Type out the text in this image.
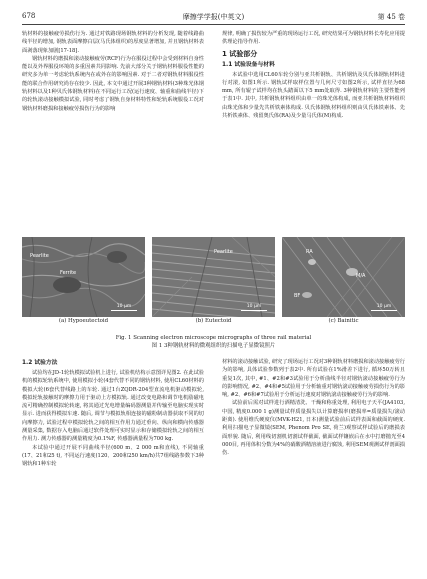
678	摩擦学学报(中英文)	第 45 卷

轨材料的接触疲劳损伤行为. 通过对铁路现场钢轨材料的分析发现, 随着线路曲线半径的增加, 钢轨表面摩擦白层(马氏体组织)的厚度显著增加, 并且钢轨材料表面剥落现象加剧[17-18].

钢轨材料的磨损和滚动接触疲劳(RCF)行为在服役过程中会受到材料自身性能以及外界服役环境的多重因素共同影响. 先前大部分关于钢轨材料服役性能的研究多为单一考虑轮轨系统内在或外在的影响因素. 对于二者对钢轨材料服役性能的联合作用研究尚存在较少. 因此, 本文中通过开展3种钢轨材料(3种珠光体钢轨材料以及1种贝氏体钢轨材料)在不同运行工况(运行速度、轴重和曲线半径)下的轮轨滚动接触模拟试验, 同时考虑了钢轨自身材料特性和轮轨系统服役工况对钢轨材料磨损和接触疲劳损伤行为的影响

规律, 明确了损伤较为严重的现场运行工况, 研究结果可为钢轨材料长寿化应用提供理论指导作用.

1 试验部分
1.1 试验设备与材料

本试验中选用CL60车轮分别与亚共析钢轨、共析钢轨及贝氏体钢轨材料进行对滚, 如图1所示. 钢轨试样取样位置与几何尺寸如图2所示, 试样直径为68 mm, 所有辊子试样均在轨头踏面以下5 mm处取得. 3种钢轨材料的主要性能列于表1中. 其中, 共析钢轨材料组织由单一的珠光体构成, 而亚共析钢轨材料组织由珠光体和少量先共析铁素体构成. 贝氏体钢轨材料组织则由贝氏体铁素体、先共析铁素体、残留奥氏体(RA)及少量马氏体(M)构成.

Pearlite
Ferrite
10 μm
Pearlite
10 μm
RA
M/A
BF
10 μm
(a) Hypoeutectoid	(b) Eutectoid	(c) Bainitic
Fig. 1 Scanning electron microscope micrographs of three rail material
图 1 3种钢轨材料的微观组织的扫描电子显微镜照片
1.2 试验方法

试验均在JD-1轮轨模拟试验机上进行, 试验机结构示意图详见图2. 在此试验机的模拟轮轨系统中, 使用模拟小轮(4套代替不同的钢轨材料, 使用CL60材料的模拟大轮(6套代替线路上的车轮. 通过1台ZQDR-204型直流电机驱动模拟轮, 模拟轮轨接触时的摩擦力用于驱动上方模拟轨. 通过改变电路和调节电机励磁电流可精确控制模拟轮转速, 将其通过光电增量编码器测量并传输至电脑实现实时显示. 进而获得模拟车速. 随后, 调节与模拟轨相连接的磁粉制动器获取不同的切向摩擦力, 试验过程中模拟轮轨之间的相互作用力通过垂向、纵向和横向传感器测量采集, 数据存入电脑后通过软件处理可实时显示和存储模拟轮轨之间的相互作用力. 测力传感器的测量精度为0.1%F, 传感器满量程为700 kg.

本试验中通过开展不同曲线半径(600 m、2 000 m和直线), 不同轴重(17、21和25 t), 不同运行速度(120、200和250 km/h)共7组线路参数下3种钢轨和1种车轮

材料的滚动接触试验, 研究了现场运行工况对3种钢轨材料磨损和滚动接触疲劳行为的影响, 具体试验参数列于表2中. 所有试验在1%滑差下进行, 循环50万转且重复1次, 其中, #1、#2和#3试验用于分析曲线半径对钢轨滚动接触疲劳行为的影响情况, #2、#4和#5试验用于分析轴重对钢轨滚动接触疲劳损伤行为的影响, #2、#6和#7试验用于分析运行速度对钢轨滚动接触疲劳行为的影响.

试验前后需对试样进行酒精清洗、干燥和称重处理, 利用电子天平(JA4103, 中国, 精度0.000 1 g)测量试样质量损失以计算磨损率(磨损率=质量损失/滚动距离). 使用维氏硬度仪(MVK-H21, 日本)测量试验前后试样表面和截面的硬度. 利用扫描电子显微镜(SEM, Phenom Pro SE, 荷兰)观察试样试验后的磨损表面形貌. 随后, 利用线切割机切割试样截面, 截面试样镶嵌后在水中打磨抛光至4 000目, 再用体积分数为4%的硝酸酒精溶液进行腐蚀, 利用SEM观测试样剖面损伤.
